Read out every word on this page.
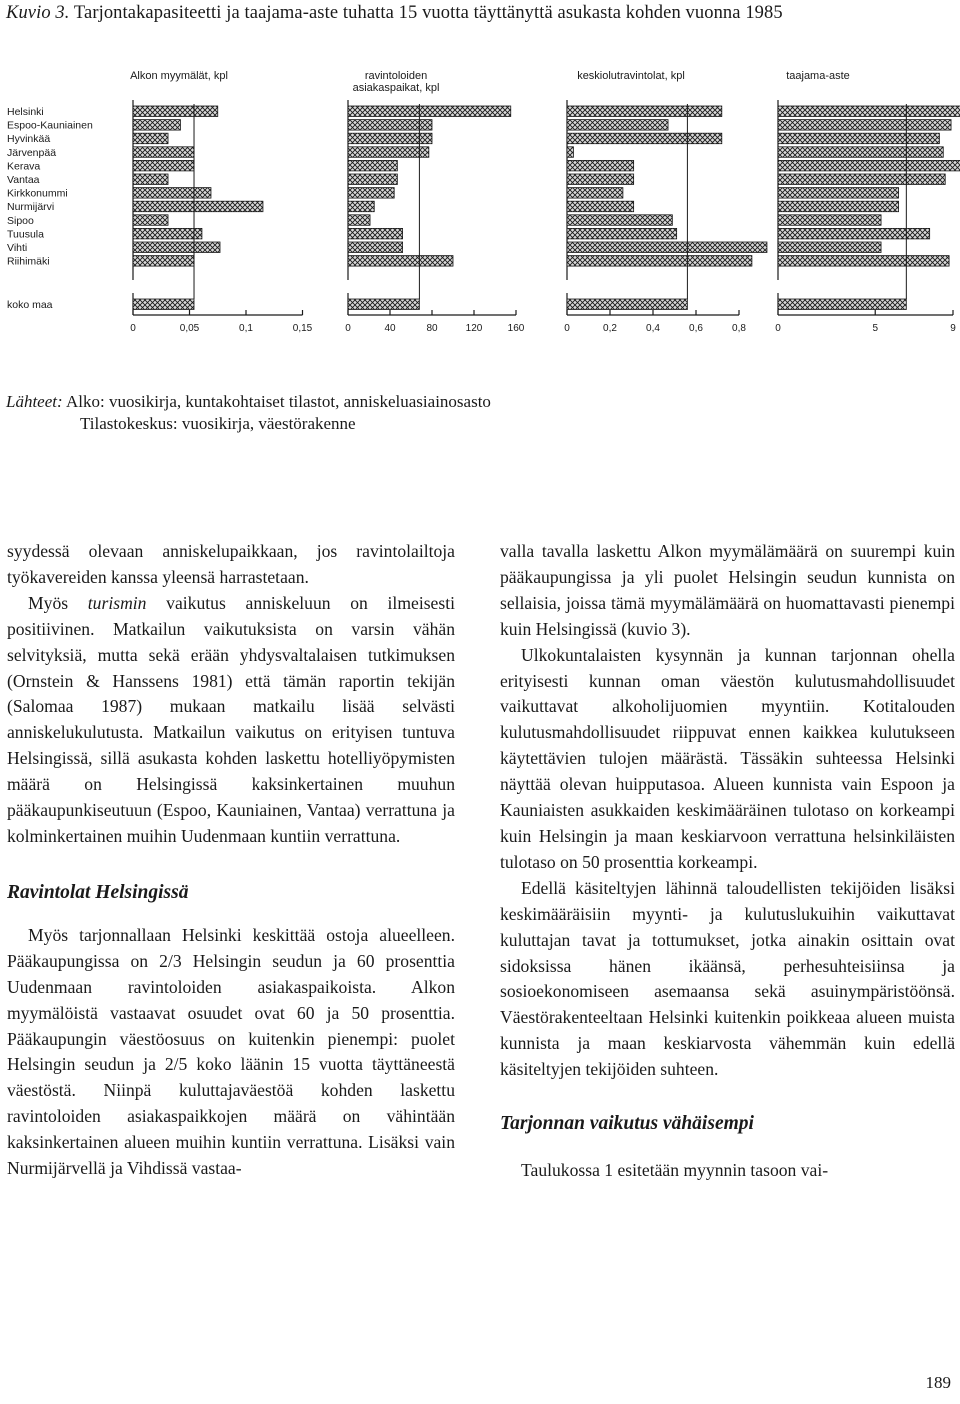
Kuvio 3. Tarjontakapasiteetti ja taajama-aste tuhatta 15 vuotta täyttänyttä asukasta kohden vuonna 1985
Helsinki
Espoo-Kauniainen
Hyvinkää
Järvenpää
Kerava
Vantaa
Kirkkonummi
Nurmijärvi
Sipoo
Tuusula
Vihti
Riihimäki
koko maa
Alkon myymälät, kpl
0	0,05	0,1	0,15
ravintoloiden
asiakaspaikat, kpl
0	40	80	120	160
keskiolutravintolat, kpl
0	0,2	0,4	0,6	0,8
taajama-aste
0	5	9
Lähteet: Alko: vuosikirja, kuntakohtaiset tilastot, anniskeluasiainosasto
Tilastokeskus: vuosikirja, väestörakenne

syydessä olevaan anniskelupaikkaan, jos ravintolailtoja työkavereiden kanssa yleensä harrastetaan.

Myös turismin vaikutus anniskeluun on ilmeisesti positiivinen. Matkailun vaikutuksista on varsin vähän selvityksiä, mutta sekä erään yhdysvaltalaisen tutkimuksen (Ornstein & Hanssens 1981) että tämän raportin tekijän (Salomaa 1987) mukaan matkailu lisää selvästi anniskelukulutusta. Matkailun vaikutus on erityisen tuntuva Helsingissä, sillä asukasta kohden laskettu hotelliyöpymisten määrä on Helsingissä kaksinkertainen muuhun pääkaupunkiseutuun (Espoo, Kauniainen, Vantaa) verrattuna ja kolminkertainen muihin Uudenmaan kuntiin verrattuna.

Ravintolat Helsingissä

Myös tarjonnallaan Helsinki keskittää ostoja alueelleen. Pääkaupungissa on 2/3 Helsingin seudun ja 60 prosenttia Uudenmaan ravintoloiden asiakaspaikoista. Alkon myymälöistä vastaavat osuudet ovat 60 ja 50 prosenttia. Pääkaupungin väestöosuus on kuitenkin pienempi: puolet Helsingin seudun ja 2/5 koko läänin 15 vuotta täyttäneestä väestöstä. Niinpä kuluttajaväestöä kohden laskettu ravintoloiden asiakaspaikkojen määrä on vähintään kaksinkertainen alueen muihin kuntiin verrattuna. Lisäksi vain Nurmijärvellä ja Vihdissä vastaa-

valla tavalla laskettu Alkon myymälämäärä on suurempi kuin pääkaupungissa ja yli puolet Helsingin seudun kunnista on sellaisia, joissa tämä myymälämäärä on huomattavasti pienempi kuin Helsingissä (kuvio 3).

Ulkokuntalaisten kysynnän ja kunnan tarjonnan ohella erityisesti kunnan oman väestön kulutusmahdollisuudet vaikuttavat alkoholijuomien myyntiin. Kotitalouden kulutusmahdollisuudet riippuvat ennen kaikkea kulutukseen käytettävien tulojen määrästä. Tässäkin suhteessa Helsinki näyttää olevan huipputasoa. Alueen kunnista vain Espoon ja Kauniaisten asukkaiden keskimääräinen tulotaso on korkeampi kuin Helsingin ja maan keskiarvoon verrattuna helsinkiläisten tulotaso on 50 prosenttia korkeampi.

Edellä käsiteltyjen lähinnä taloudellisten tekijöiden lisäksi keskimääräisiin myynti- ja kulutuslukuihin vaikuttavat kuluttajan tavat ja tottumukset, jotka ainakin osittain ovat sidoksissa hänen ikäänsä, perhesuhteisiinsa ja sosioekonomiseen asemaansa sekä asuinympäristöönsä. Väestörakenteeltaan Helsinki kuitenkin poikkeaa alueen muista kunnista ja maan keskiarvosta vähemmän kuin edellä käsiteltyjen tekijöiden suhteen.

Tarjonnan vaikutus vähäisempi

Taulukossa 1 esitetään myynnin tasoon vai-

189
